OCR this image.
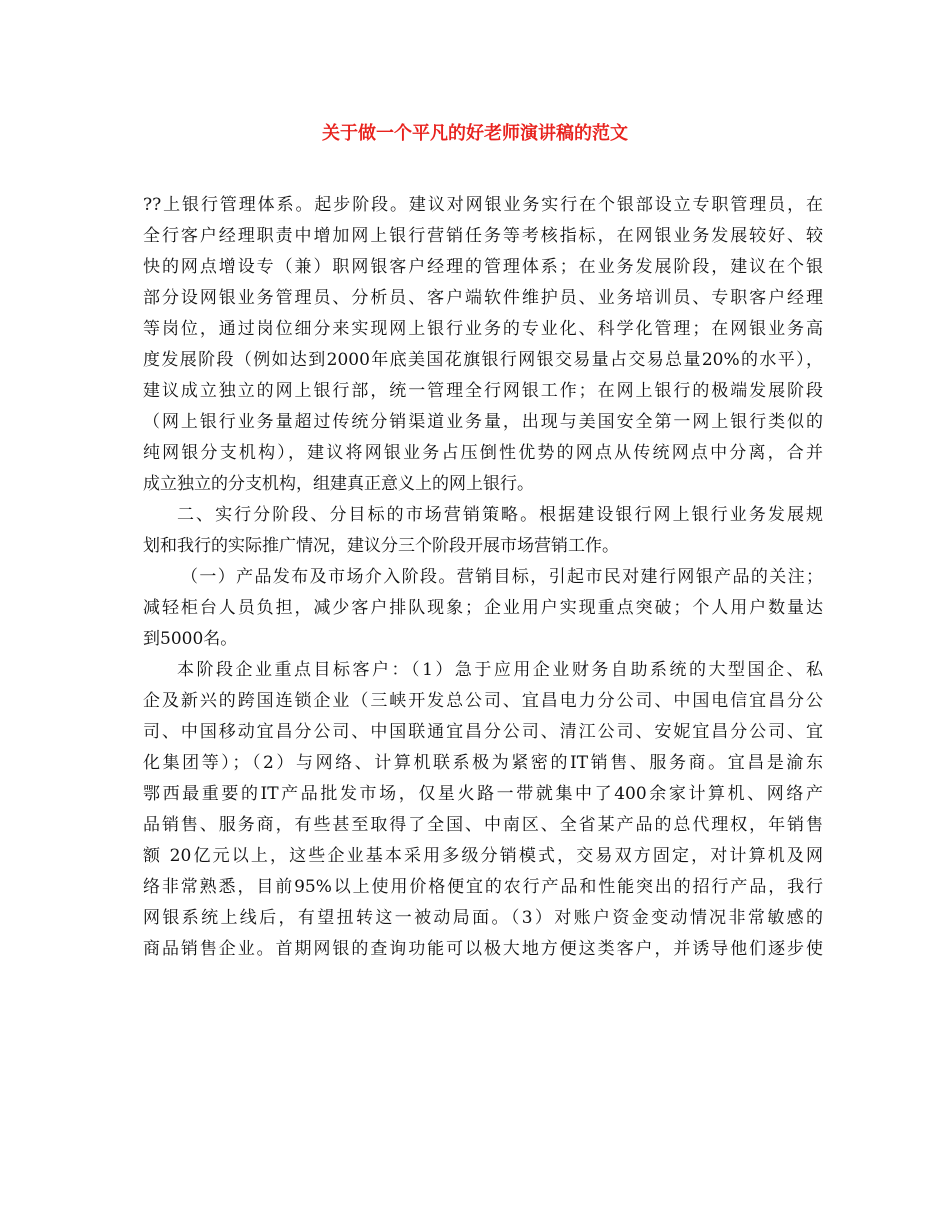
关于做一个平凡的好老师演讲稿的范文
??上银行管理体系。起步阶段。建议对网银业务实行在个银部设立专职管理员，在
全行客户经理职责中增加网上银行营销任务等考核指标，在网银业务发展较好、较
快的网点增设专（兼）职网银客户经理的管理体系；在业务发展阶段，建议在个银
部分设网银业务管理员、分析员、客户端软件维护员、业务培训员、专职客户经理
等岗位，通过岗位细分来实现网上银行业务的专业化、科学化管理；在网银业务高
度发展阶段（例如达到2000年底美国花旗银行网银交易量占交易总量20%的水平），
建议成立独立的网上银行部，统一管理全行网银工作；在网上银行的极端发展阶段
（网上银行业务量超过传统分销渠道业务量，出现与美国安全第一网上银行类似的
纯网银分支机构），建议将网银业务占压倒性优势的网点从传统网点中分离，合并
成立独立的分支机构，组建真正意义上的网上银行。
二、实行分阶段、分目标的市场营销策略。根据建设银行网上银行业务发展规
划和我行的实际推广情况，建议分三个阶段开展市场营销工作。
（一）产品发布及市场介入阶段。营销目标，引起市民对建行网银产品的关注；
减轻柜台人员负担，减少客户排队现象；企业用户实现重点突破；个人用户数量达
到5000名。
本阶段企业重点目标客户：（1）急于应用企业财务自助系统的大型国企、私
企及新兴的跨国连锁企业（三峡开发总公司、宜昌电力分公司、中国电信宜昌分公
司、中国移动宜昌分公司、中国联通宜昌分公司、清江公司、安妮宜昌分公司、宜
化集团等）；（2）与网络、计算机联系极为紧密的IT销售、服务商。宜昌是渝东
鄂西最重要的IT产品批发市场，仅星火路一带就集中了400余家计算机、网络产
品销售、服务商，有些甚至取得了全国、中南区、全省某产品的总代理权，年销售
额 20亿元以上，这些企业基本采用多级分销模式，交易双方固定，对计算机及网
络非常熟悉，目前95%以上使用价格便宜的农行产品和性能突出的招行产品，我行
网银系统上线后，有望扭转这一被动局面。（3）对账户资金变动情况非常敏感的
商品销售企业。首期网银的查询功能可以极大地方便这类客户，并诱导他们逐步使
